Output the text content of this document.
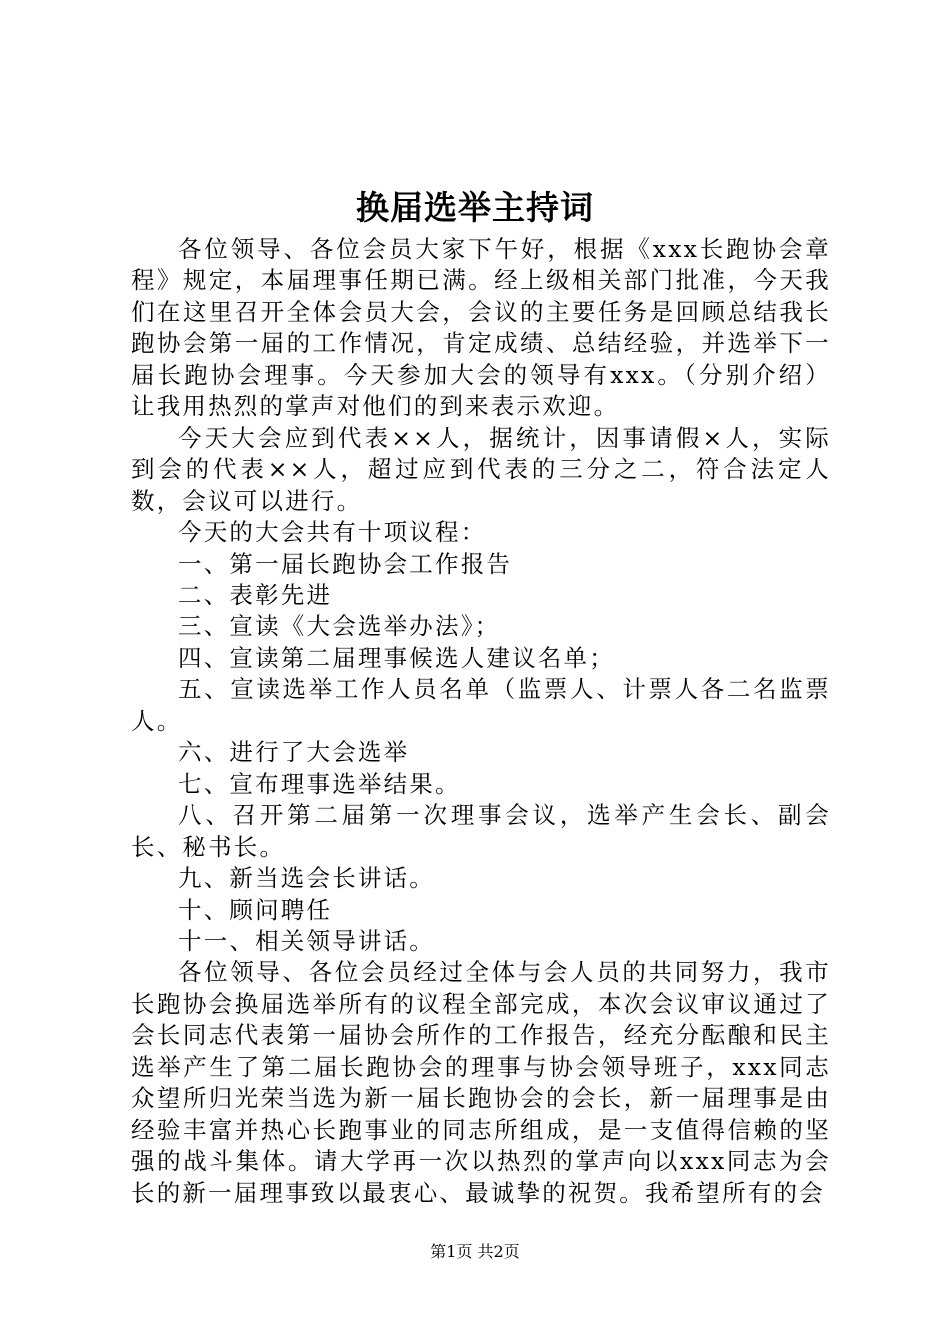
换届选举主持词

各位领导、各位会员大家下午好，根据《xxx长跑协会章程》规定，本届理事任期已满。经上级相关部门批准，今天我们在这里召开全体会员大会，会议的主要任务是回顾总结我长跑协会第一届的工作情况，肯定成绩、总结经验，并选举下一届长跑协会理事。今天参加大会的领导有xxx。（分别介绍）让我用热烈的掌声对他们的到来表示欢迎。

今天大会应到代表××人，据统计，因事请假×人，实际到会的代表××人，超过应到代表的三分之二，符合法定人数，会议可以进行。

今天的大会共有十项议程：

一、第一届长跑协会工作报告

二、表彰先进

三、宣读《大会选举办法》；

四、宣读第二届理事候选人建议名单；

五、宣读选举工作人员名单（监票人、计票人各二名监票人。

六、进行了大会选举

七、宣布理事选举结果。

八、召开第二届第一次理事会议，选举产生会长、副会长、秘书长。

九、新当选会长讲话。

十、顾问聘任

十一、相关领导讲话。

各位领导、各位会员经过全体与会人员的共同努力，我市长跑协会换届选举所有的议程全部完成，本次会议审议通过了会长同志代表第一届协会所作的工作报告，经充分酝酿和民主选举产生了第二届长跑协会的理事与协会领导班子，xxx同志众望所归光荣当选为新一届长跑协会的会长，新一届理事是由经验丰富并热心长跑事业的同志所组成，是一支值得信赖的坚强的战斗集体。请大学再一次以热烈的掌声向以xxx同志为会长的新一届理事致以最衷心、最诚挚的祝贺。我希望所有的会

第1页 共2页
